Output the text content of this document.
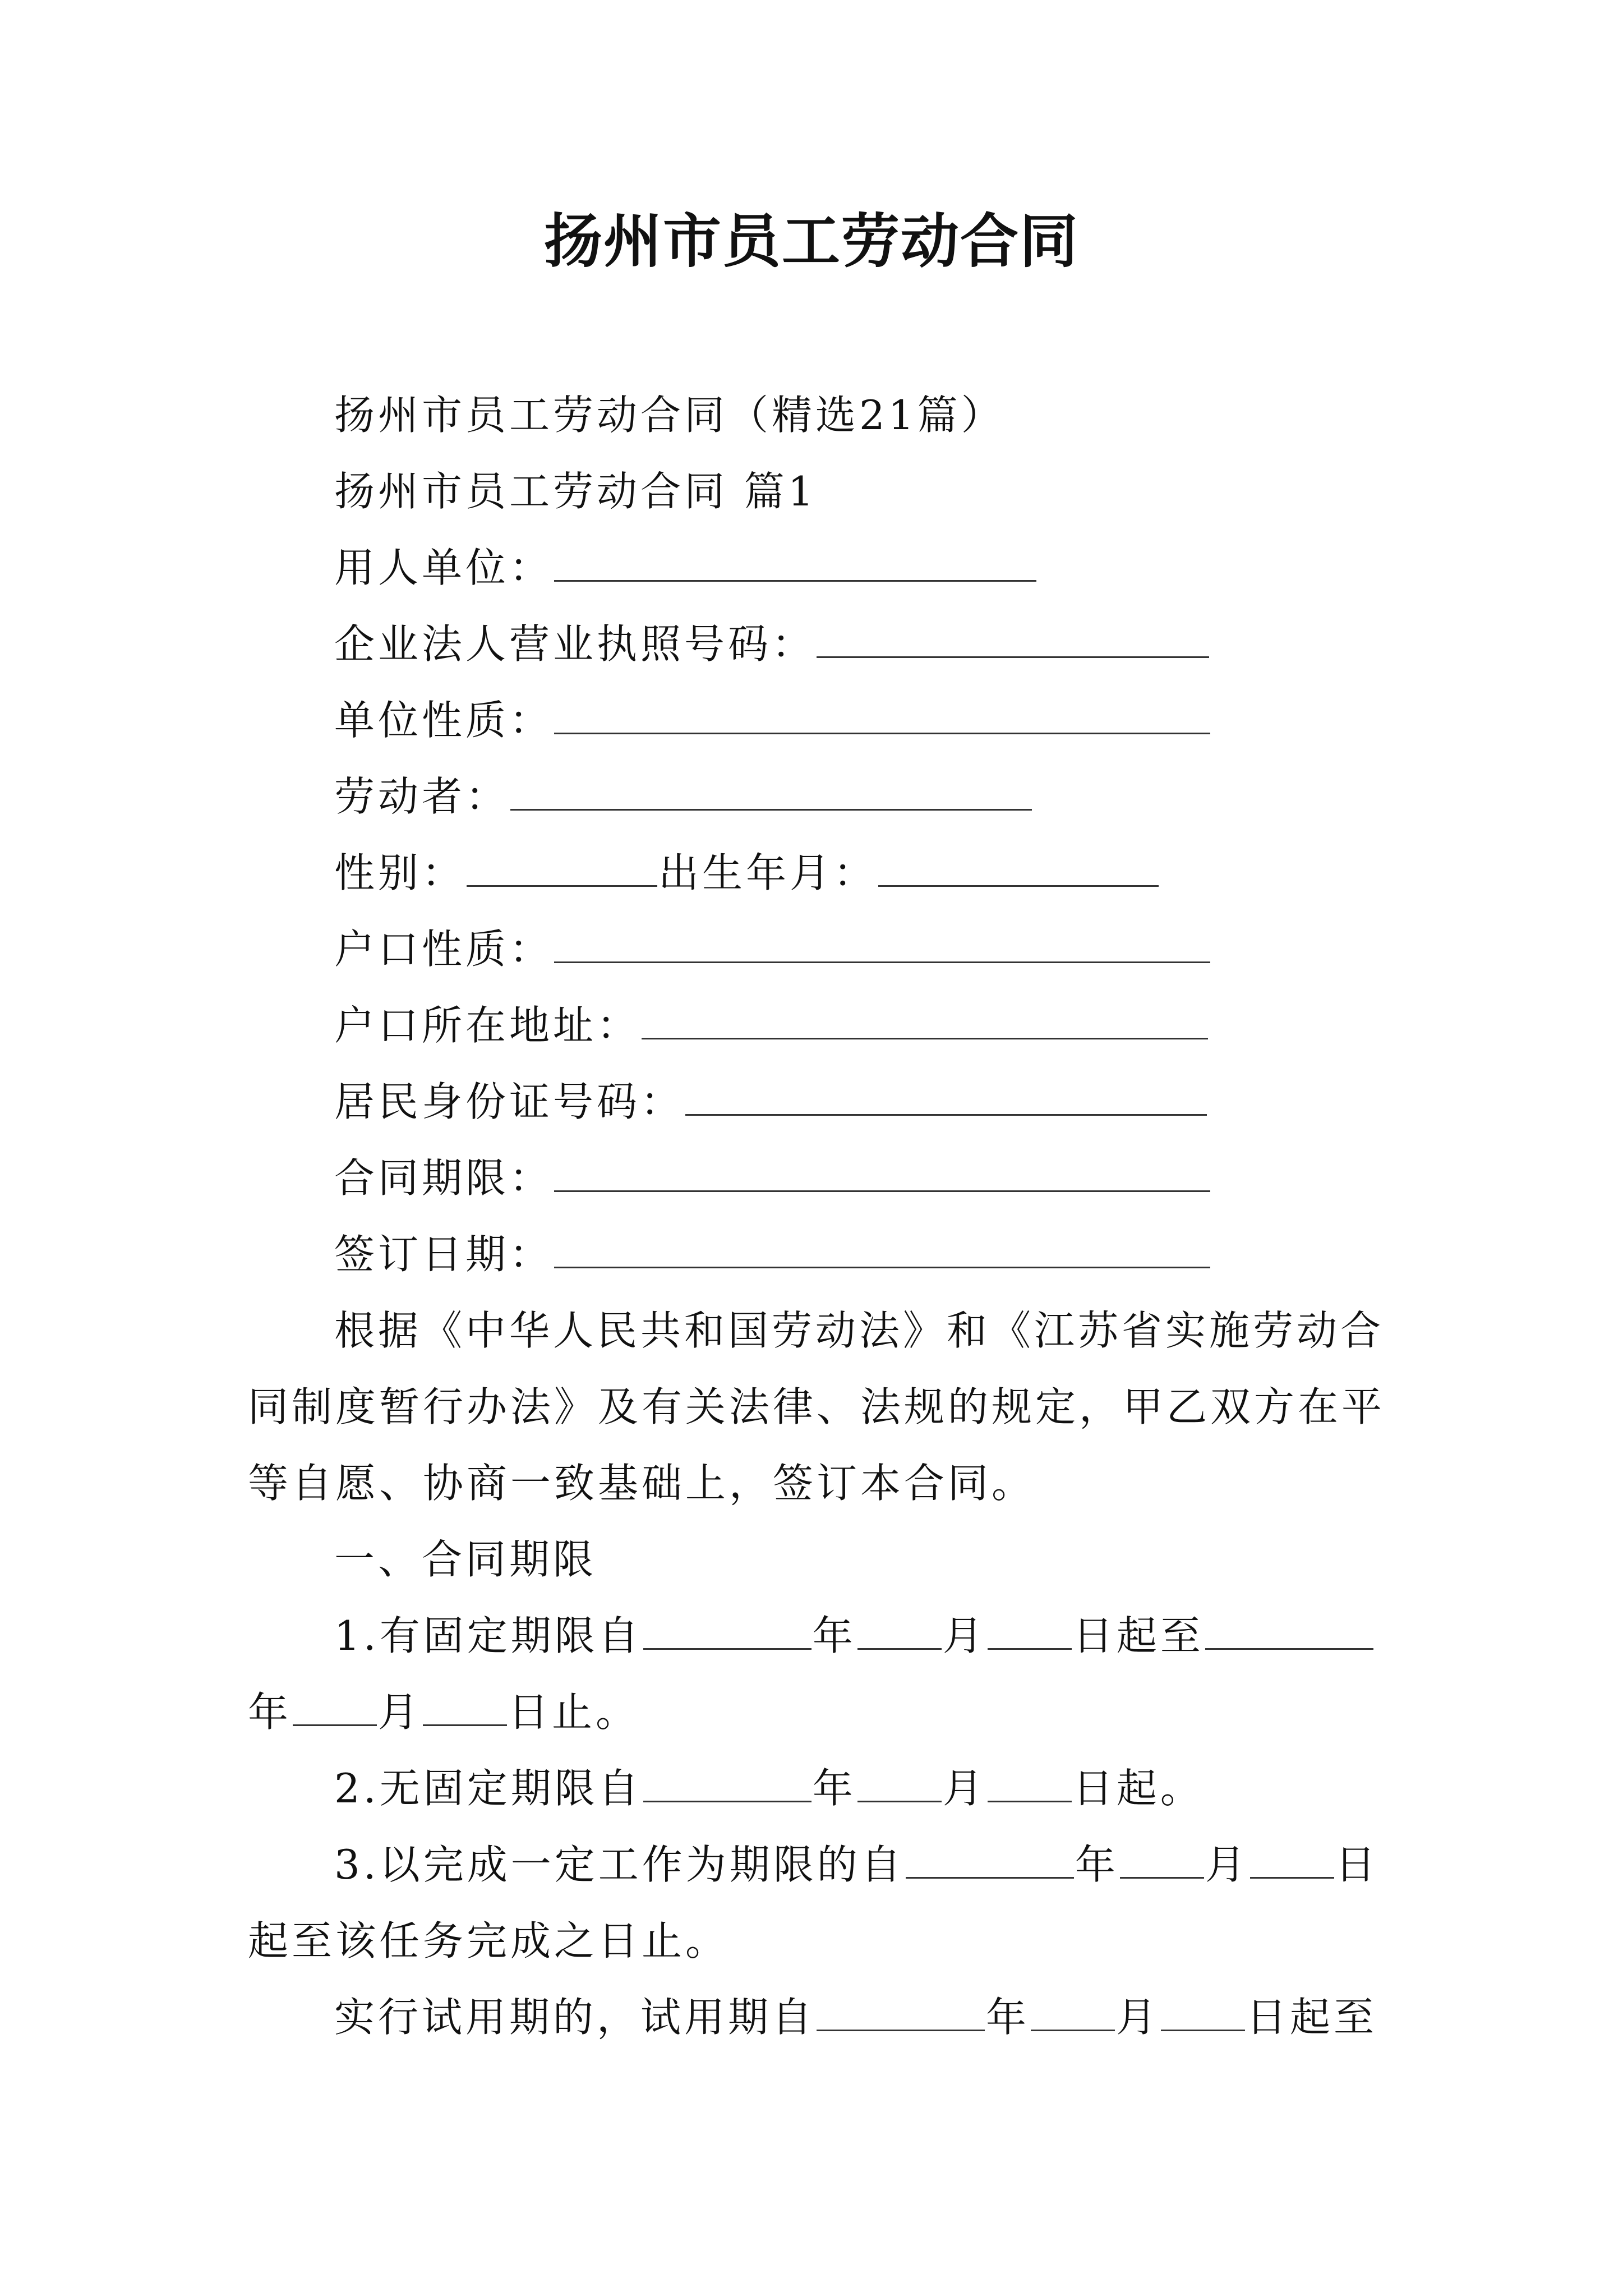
扬州市员工劳动合同
扬州市员工劳动合同（精选21篇）
扬州市员工劳动合同 篇1
用人单位：
企业法人营业执照号码：
单位性质：
劳动者：
性别：	出生年月：
户口性质：
户口所在地址：
居民身份证号码：
合同期限：
签订日期：
根据《中华人民共和国劳动法》和《江苏省实施劳动合
同制度暂行办法》及有关法律、法规的规定，甲乙双方在平
等自愿、协商一致基础上，签订本合同。
一、合同期限
1.有固定期限自	年 月 日起至
年 月 日止。
2.无固定期限自	年 月 日起。
3.以完成一定工作为期限的自	年 月 日
起至该任务完成之日止。
实行试用期的，试用期自	年 月 日起至
